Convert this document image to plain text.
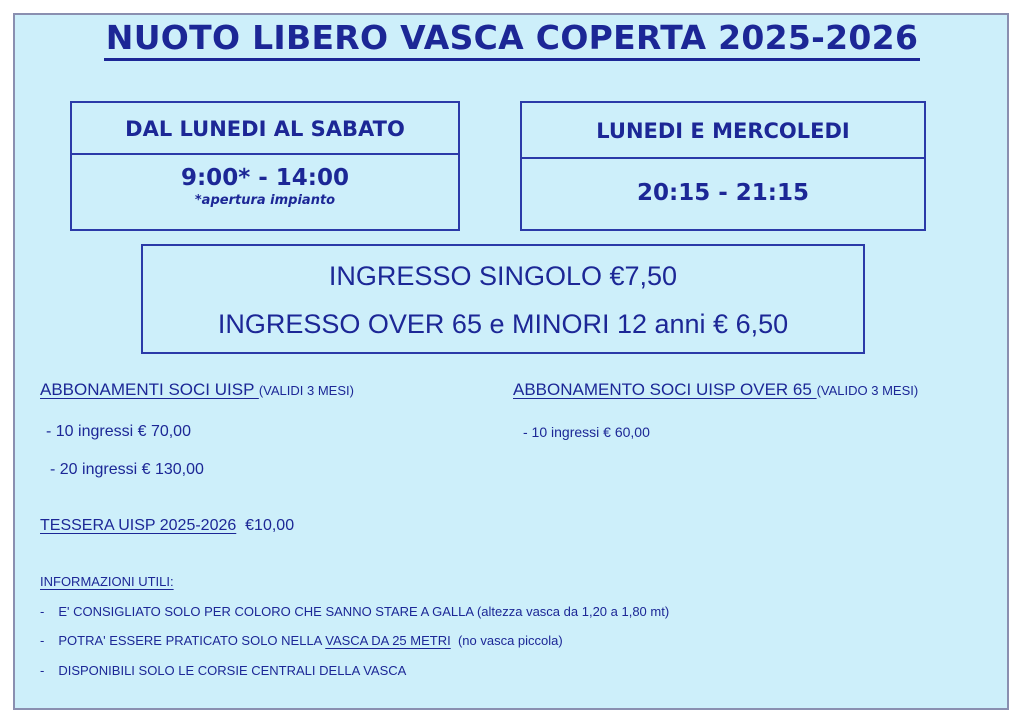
NUOTO LIBERO VASCA COPERTA 2025-2026
DAL LUNEDI AL SABATO
9:00* - 14:00
*apertura impianto
LUNEDI E MERCOLEDI
20:15 - 21:15
INGRESSO SINGOLO €7,50
INGRESSO OVER 65 e MINORI 12 anni € 6,50
ABBONAMENTI SOCI UISP (VALIDI 3 MESI)
- 10 ingressi € 70,00
- 20 ingressi € 130,00
ABBONAMENTO SOCI UISP OVER 65 (VALIDO 3 MESI)
- 10 ingressi € 60,00
TESSERA UISP 2025-2026 €10,00
INFORMAZIONI UTILI:
- E' CONSIGLIATO SOLO PER COLORO CHE SANNO STARE A GALLA (altezza vasca da 1,20 a 1,80 mt)
- POTRA' ESSERE PRATICATO SOLO NELLA VASCA DA 25 METRI  (no vasca piccola)
- DISPONIBILI SOLO LE CORSIE CENTRALI DELLA VASCA
